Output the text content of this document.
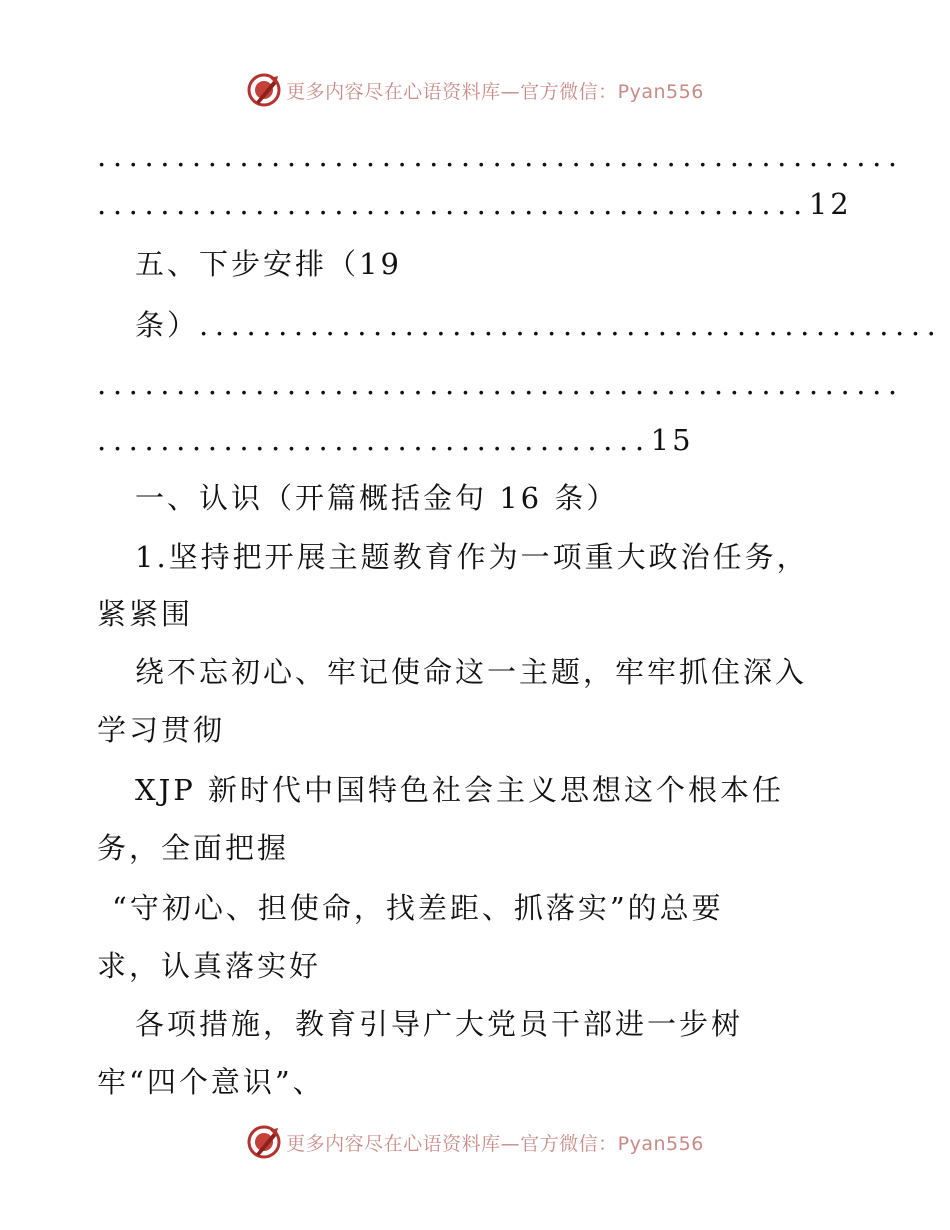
更多内容尽在心语资料库—官方微信：Pyan556
...................................................
.............................................12
五、下步安排（19
条）...............................................
...................................................
...................................15
一、认识（开篇概括金句 16 条）
1.坚持把开展主题教育作为一项重大政治任务，
紧紧围
绕不忘初心、牢记使命这一主题，牢牢抓住深入
学习贯彻
XJP 新时代中国特色社会主义思想这个根本任
务，全面把握
“守初心、担使命，找差距、抓落实”的总要
求，认真落实好
各项措施，教育引导广大党员干部进一步树
牢“四个意识”、
更多内容尽在心语资料库—官方微信：Pyan556
